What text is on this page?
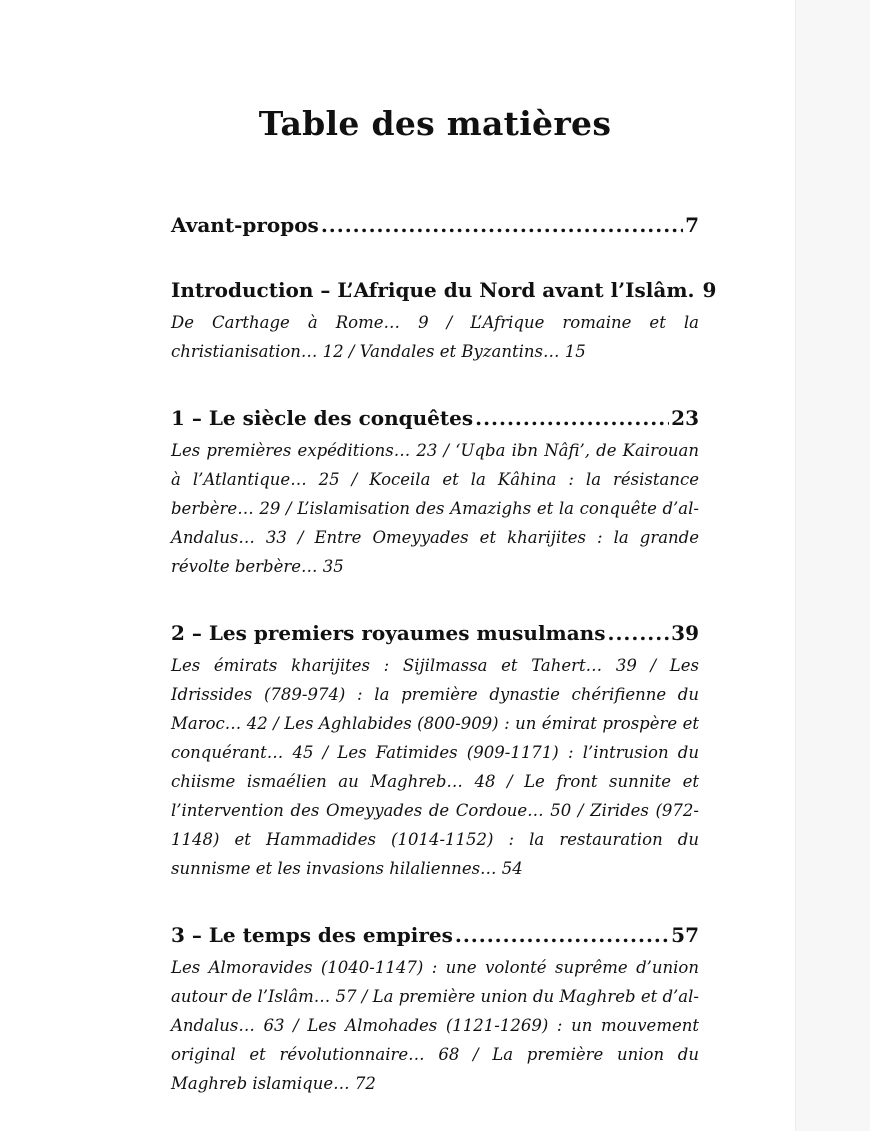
Table des matières
Avant-propos .....	7
Introduction – L’Afrique du Nord avant l’Islâm. 9

De Carthage à Rome… 9 / L’Afrique romaine et la christianisation… 12 / Vandales et Byzantins… 15

1 – Le siècle des conquêtes .....	23

Les premières expéditions… 23 / ‘Uqba ibn Nâfi’, de Kairouan à l’Atlantique… 25 / Koceila et la Kâhina : la résistance berbère… 29 / L’islamisation des Amazighs et la conquête d’al-Andalus… 33 / Entre Omeyyades et kharijites : la grande révolte berbère… 35

2 – Les premiers royaumes musulmans .....	39

Les émirats kharijites : Sijilmassa et Tahert… 39 / Les Idrissides (789-974) : la première dynastie chérifienne du Maroc… 42 / Les Aghlabides (800-909) : un émirat prospère et conquérant… 45 / Les Fatimides (909-1171) : l’intrusion du chiisme ismaélien au Maghreb… 48 / Le front sunnite et l’intervention des Omeyyades de Cordoue… 50 / Zirides (972-1148) et Hammadides (1014-1152) : la restauration du sunnisme et les invasions hilaliennes… 54

3 – Le temps des empires .....	57

Les Almoravides (1040-1147) : une volonté suprême d’union autour de l’Islâm… 57 / La première union du Maghreb et d’al-Andalus… 63 / Les Almohades (1121-1269) : un mouvement original et révolutionnaire… 68 / La première union du Maghreb islamique… 72
